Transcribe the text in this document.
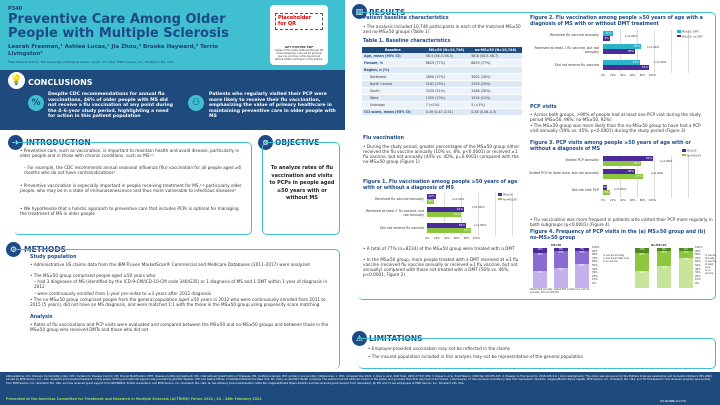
P340
Preventive Care Among Older People with Multiple Sclerosis
Leorah Freeman,¹ Ashlea Lucas,¹ Jia Zhou,² Brooke Hayward,² Terrie Livingston²
¹Dell Medical School, The University of Texas at Austin, Austin, TX, USA; ²EMD Serono, Inc., Rockland, MA, USA
Placeholder for QR
GET POSTER PDF
Copies of this poster obtained through QR (Quick Response) code are for personal use only and may not be reproduced without written permission of the authors.
💡 CONCLUSIONS
%
Despite CDC recommendations for annual flu vaccinations, 46% of older people with MS did not receive a flu vaccination at any point during the 4–6-year study period, highlighting a need for action in this patient population
⚇
Patients who regularly visited their PCP were more likely to receive their flu vaccination, emphasizing the value of primary healthcare in maintaining preventive care in older people with MS
➜ INTRODUCTION
• Preventive care, such as vaccination, is important to maintain health and avoid disease, particularly in older people and in those with chronic conditions, such as MS¹·²
– For example, the CDC recommends annual seasonal influenza (flu) vaccination for all people aged ≥6 months who do not have contraindications¹
• Preventive vaccination is especially important in people receiving treatment for MS,²·³ particularly older people, who may be in a state of immunosenescence and thus more vulnerable to infectious diseases⁴
• We hypothesize that a holistic approach to preventive care that includes PCPs is optimal for managing the treatment of MS in older people
⊗ OBJECTIVE
To analyze rates of flu vaccination and visits to PCPs in people aged ≥50 years with or without MS
⚙ METHODS
Study population
• Administrative US claims data from the IBM-Truven MarketScan® Commercial and Medicare Databases (2011–2017) were analyzed
• The MS≥50 group comprised people aged ≥50 years who:
– had 3 diagnoses of MS (identified by the ICD-9-CM/ICD-10-CM code 340/G35) or 1 diagnosis of MS and 1 DMT within 1 year of diagnosis in 2012
– were continuously enrolled from 1-year pre-index to ≥3 years after 2012 diagnosis
• The no-MS≥50 group comprised people from the general population aged ≥50 years in 2012 who were continuously enrolled from 2011 to 2015 (5 years), did not have an MS diagnosis, and were matched 1:1 with the those in the MS≥50 group using propensity score matching
Analysis
• Rates of flu vaccinations and PCP visits were evaluated and compared between the MS≥50 and no-MS≥50 groups and between those in the MS≥50 group who received DMTs and those who did not
▥ RESULTS
Patient baseline characteristics
• The analysis included 10,746 participants in each of the matched MS≥50 and no-MS≥50 groups (Table 1)
Table 1. Baseline characteristics
Baseline	MS≥50 (N=10,746)	no-MS≥50 (N=10,746)
Age, mean (95% CI)	58.4 (58.3–58.5)	58.6 (58.5–58.7)
Female, %	8829 (77%)	8829 (77%)
Region, n (%)		
Northeast	2890 (27%)	3002 (28%)
North Central	3161 (29%)	3159 (29%)
South	3329 (31%)	3266 (30%)
West	1359 (13%)	1314 (12%)
Unknown	7 (<1%)	5 (<1%)
CCI score, mean (95% CI)	0.49 (0.47–0.51)	0.48 (0.46–0.5)
Flu vaccination
• During the study period, greater percentages of the MS≥50 group either received the flu vaccine annually (10% vs. 8%, p<0.0001) or received ≥1 flu vaccine, but not annually (44% vs. 40%, p=0.0003) compared with the no-MS≥50 group (Figure 1)
Figure 1. Flu vaccination among people ≥50 years of age with or without a diagnosis of MS
Received flu vaccine annually
Received at least 1 flu vaccine, but not annually
Did not receive flu vaccine
10%
8%
44%
40%
46%
52%
p<0.0001
p=0.0003
p<0.0001
0%      20%     40%     60%     80%    100%
MS≥50
No-MS≥50
• A total of 77% (n=8234) of the MS≥50 group were treated with a DMT
• In the MS≥50 group, more people treated with a DMT received at ≥1 flu vaccine (received flu vaccine annually or received ≥1 flu vaccine, but not annually) compared with those not treated with a DMT (56% vs. 46%, p<0.0001; Figure 2)
Figure 2. Flu vaccination among people ≥50 years of age with a diagnosis of MS with or without DMT treatment
Received flu vaccine annually
Received at least 1 flu vaccine, but not annually
Did not receive flu vaccine
11%
8%
45%
38%
44%
54%
p<0.0001
p<0.0001
p<0.0001
0%      20%     40%     60%     80%    100%
MS≥50, DMT
MS≥50, no DMT
PCP visits
• Across both groups, >90% of people had at least one PCP visit during the study period (MS≥50, 96%; no-MS≥50, 92%)
• The MS≥50 group was more likely than the no-MS≥50 group to have had a PCP visit annually (59% vs. 45%, p<0.0001) during the study period (Figure 3)
Figure 3. PCP visits among people ≥50 years of age with or without a diagnosis of MS
Visited PCP annually
Visited PCP at least once, but not annually
Did not visit PCP
59%
45%
38%
47%
4%
8%
p<0.0001
p<0.0001
p<0.0001
0%      20%     40%     60%     80%    100%
MS≥50
No-MS≥50
• Flu vaccination was more frequent in patients who visited their PCP more regularly in both subgroups (p<0.0001) (Figure 4)
Figure 4. Frequency of PCP visits in the (a) MS≥50 group and (b) no-MS≥50 group
MS≥50
12%
45%
43%
8%
43%
49%
7%
33%
60%
100%
90%
80%
70%
60%
50%
40%
30%
20%
10%
0%
% vaccine annually
% vaccine at least once
% no vaccine
Visited PCP annually  Visited PCP a least once, but not annually  Did not visit PCP
No-MS≥50
13%
45%
42%
8%
38%
54%
6%
17%
77%
100%
90%
80%
70%
60%
50%
40%
30%
20%
10%
0%
% vaccine annually
% vaccine at least once
% no vaccine
⚠ LIMITATIONS
• Employer-provided vaccination may not be reflected in the claims
• The insured population included in this analysis may not be representative of the general population
Abbreviations: CCI, Charlson Comorbidity Index; CDC, Centers for Disease Control; CM, Clinical Modification; DMT, disease-modifying treatment; ICD, International Classification of Diseases; MS, multiple sclerosis; PCP, primary care provider | References: 1. CDC. Accessed Dec 2021. 2. Riva A, et al. Mult Scler. 2021;27:347-359. 3. Reyes S, et al. Pract Neurol. 2020 Dec;20:435-445. 4. Pawelec G. Exp Gerontol. 2018;105:4-9. | Acknowledgments: This study was sponsored by the Multiple Sclerosis Leadership and Innovation Network (MS-LINK) funded by EMD Serono, Inc., who reviewed and provided feedback on this poster. Writing and editorial support was provided by Jennifer Steeber, PhD and Debra O'Brien of Ashfield MedComms (New York, NY, USA), an Ashfield Health company. The authors had full editorial control of the poster and provided their final approval of all content. | Disclosures: LF has received consultancy fees from Genentech, Novartis, Celgene/Bristol Myers Squibb, EMD Serono, Inc., Rockland, MA, USA, and TG Therapeutics; has received program sponsorship from EMD Serono, Inc., Rockland, MA, USA, and has received grant support from NIH/NINDS, PCORI, Genentech, and EMD Serono, Inc., Rockland, MA, USA; AL has advisory board participation (Vista Bio, Celgene/Bristol Myers Squibb) and has received grant support from Genentech; JZ, BH, and TL are employees of EMD Serono, Inc., Rockland, MA, USA.
Presented at the Americas Committee for Treatment and Research in Multiple Sclerosis (ACTRIMS) Forum 2022 | 24 – 26th February 2022	US-NONNI-01776
